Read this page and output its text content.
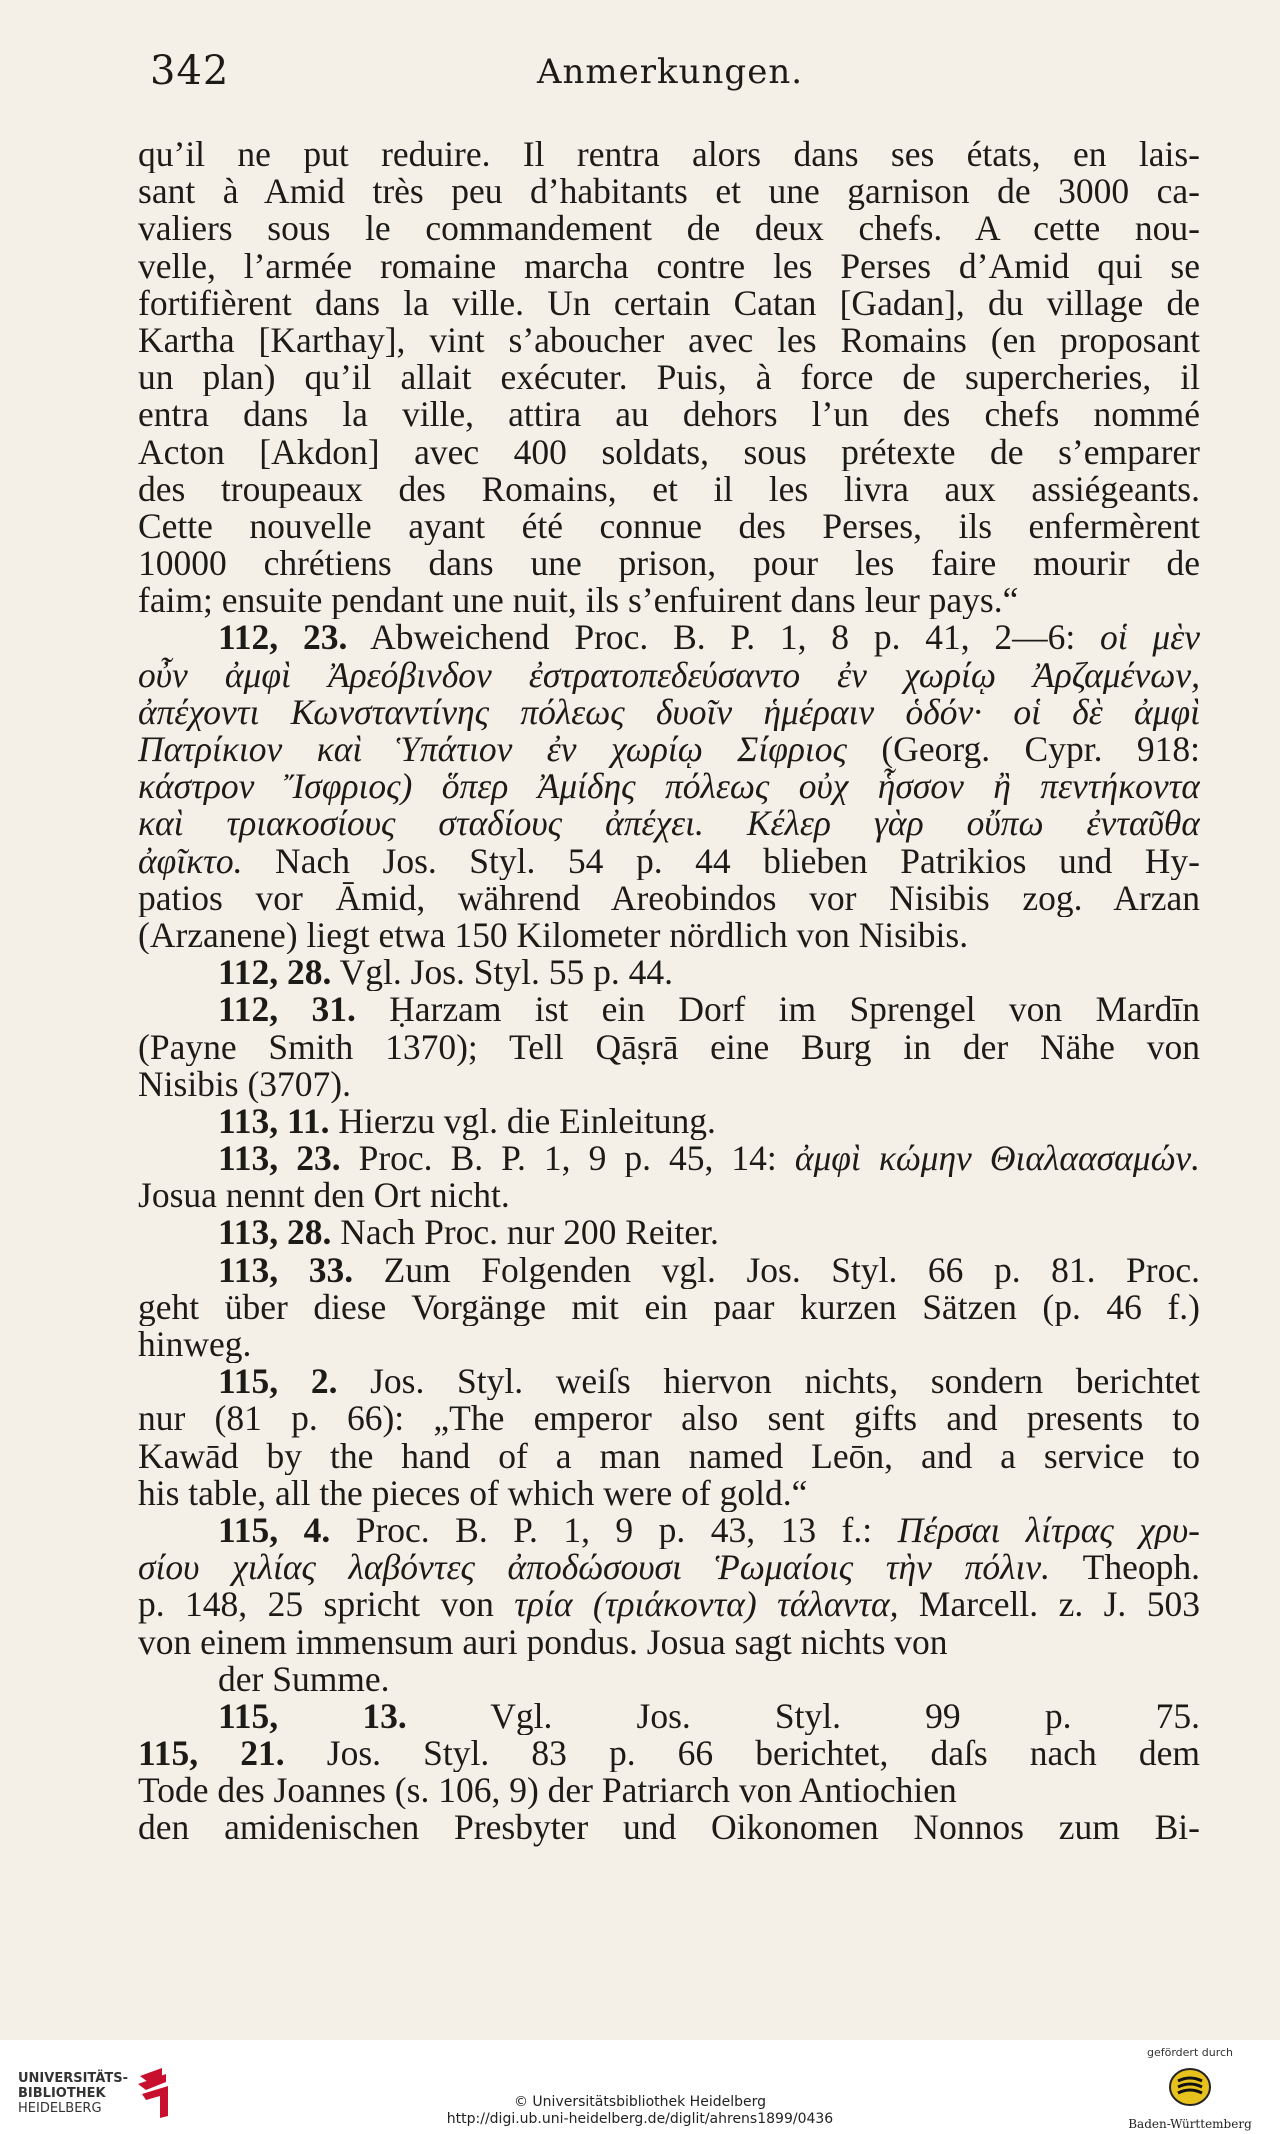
342	Anmerkungen.
qu’il ne put reduire. Il rentra alors dans ses états, en lais-
sant à Amid très peu d’habitants et une garnison de 3000 ca-
valiers sous le commandement de deux chefs. A cette nou-
velle, l’armée romaine marcha contre les Perses d’Amid qui se
fortifièrent dans la ville. Un certain Catan [Gadan], du village de
Kartha [Karthay], vint s’aboucher avec les Romains (en proposant
un plan) qu’il allait exécuter. Puis, à force de supercheries, il
entra dans la ville, attira au dehors l’un des chefs nommé
Acton [Akdon] avec 400 soldats, sous prétexte de s’emparer
des troupeaux des Romains, et il les livra aux assiégeants.
Cette nouvelle ayant été connue des Perses, ils enfermèrent
10000 chrétiens dans une prison, pour les faire mourir de
faim; ensuite pendant une nuit, ils s’enfuirent dans leur pays.“
112, 23. Abweichend Proc. B. P. 1, 8 p. 41, 2—6: οἱ μὲν
οὖν ἀμφὶ Ἀρεόβινδον ἐστρατοπεδεύσαντο ἐν χωρίῳ Ἀρζαμένων,
ἀπέχοντι Κωνσταντίνης πόλεως δυοῖν ἡμέραιν ὁδόν· οἱ δὲ ἀμφὶ
Πατρίκιον καὶ Ὑπάτιον ἐν χωρίῳ Σίφριος (Georg. Cypr. 918:
κάστρον Ἴσφριος) ὅπερ Ἀμίδης πόλεως οὐχ ἧσσον ἢ πεντήκοντα
καὶ τριακοσίους σταδίους ἀπέχει. Κέλερ γὰρ οὔπω ἐνταῦθα
ἀφῖκτο. Nach Jos. Styl. 54 p. 44 blieben Patrikios und Hy-
patios vor Āmid, während Areobindos vor Nisibis zog. Arzan
(Arzanene) liegt etwa 150 Kilometer nördlich von Nisibis.
112, 28. Vgl. Jos. Styl. 55 p. 44.
112, 31. Ḥarzam ist ein Dorf im Sprengel von Mardīn
(Payne Smith 1370); Tell Qāṣrā eine Burg in der Nähe von
Nisibis (3707).
113, 11. Hierzu vgl. die Einleitung.
113, 23. Proc. B. P. 1, 9 p. 45, 14: ἀμφὶ κώμην Θιαλαασαμών.
Josua nennt den Ort nicht.
113, 28. Nach Proc. nur 200 Reiter.
113, 33. Zum Folgenden vgl. Jos. Styl. 66 p. 81. Proc.
geht über diese Vorgänge mit ein paar kurzen Sätzen (p. 46 f.)
hinweg.
115, 2. Jos. Styl. weiſs hiervon nichts, sondern berichtet
nur (81 p. 66): „The emperor also sent gifts and presents to
Kawād by the hand of a man named Leōn, and a service to
his table, all the pieces of which were of gold.“
115, 4. Proc. B. P. 1, 9 p. 43, 13 f.: Πέρσαι λίτρας χρυ-
σίου χιλίας λαβόντες ἀποδώσουσι Ῥωμαίοις τὴν πόλιν. Theoph.
p. 148, 25 spricht von τρία (τριάκοντα) τάλαντα, Marcell. z. J. 503
von einem immensum auri pondus. Josua sagt nichts von
der Summe.
115, 13. Vgl. Jos. Styl. 99 p. 75.
115, 21. Jos. Styl. 83 p. 66 berichtet, daſs nach dem
Tode des Joannes (s. 106, 9) der Patriarch von Antiochien
den amidenischen Presbyter und Oikonomen Nonnos zum Bi-
UNIVERSITÄTS-
BIBLIOTHEK
HEIDELBERG	© Universitätsbibliothek Heidelberg
http://digi.ub.uni-heidelberg.de/diglit/ahrens1899/0436
gefördert durch
Baden-Württemberg
